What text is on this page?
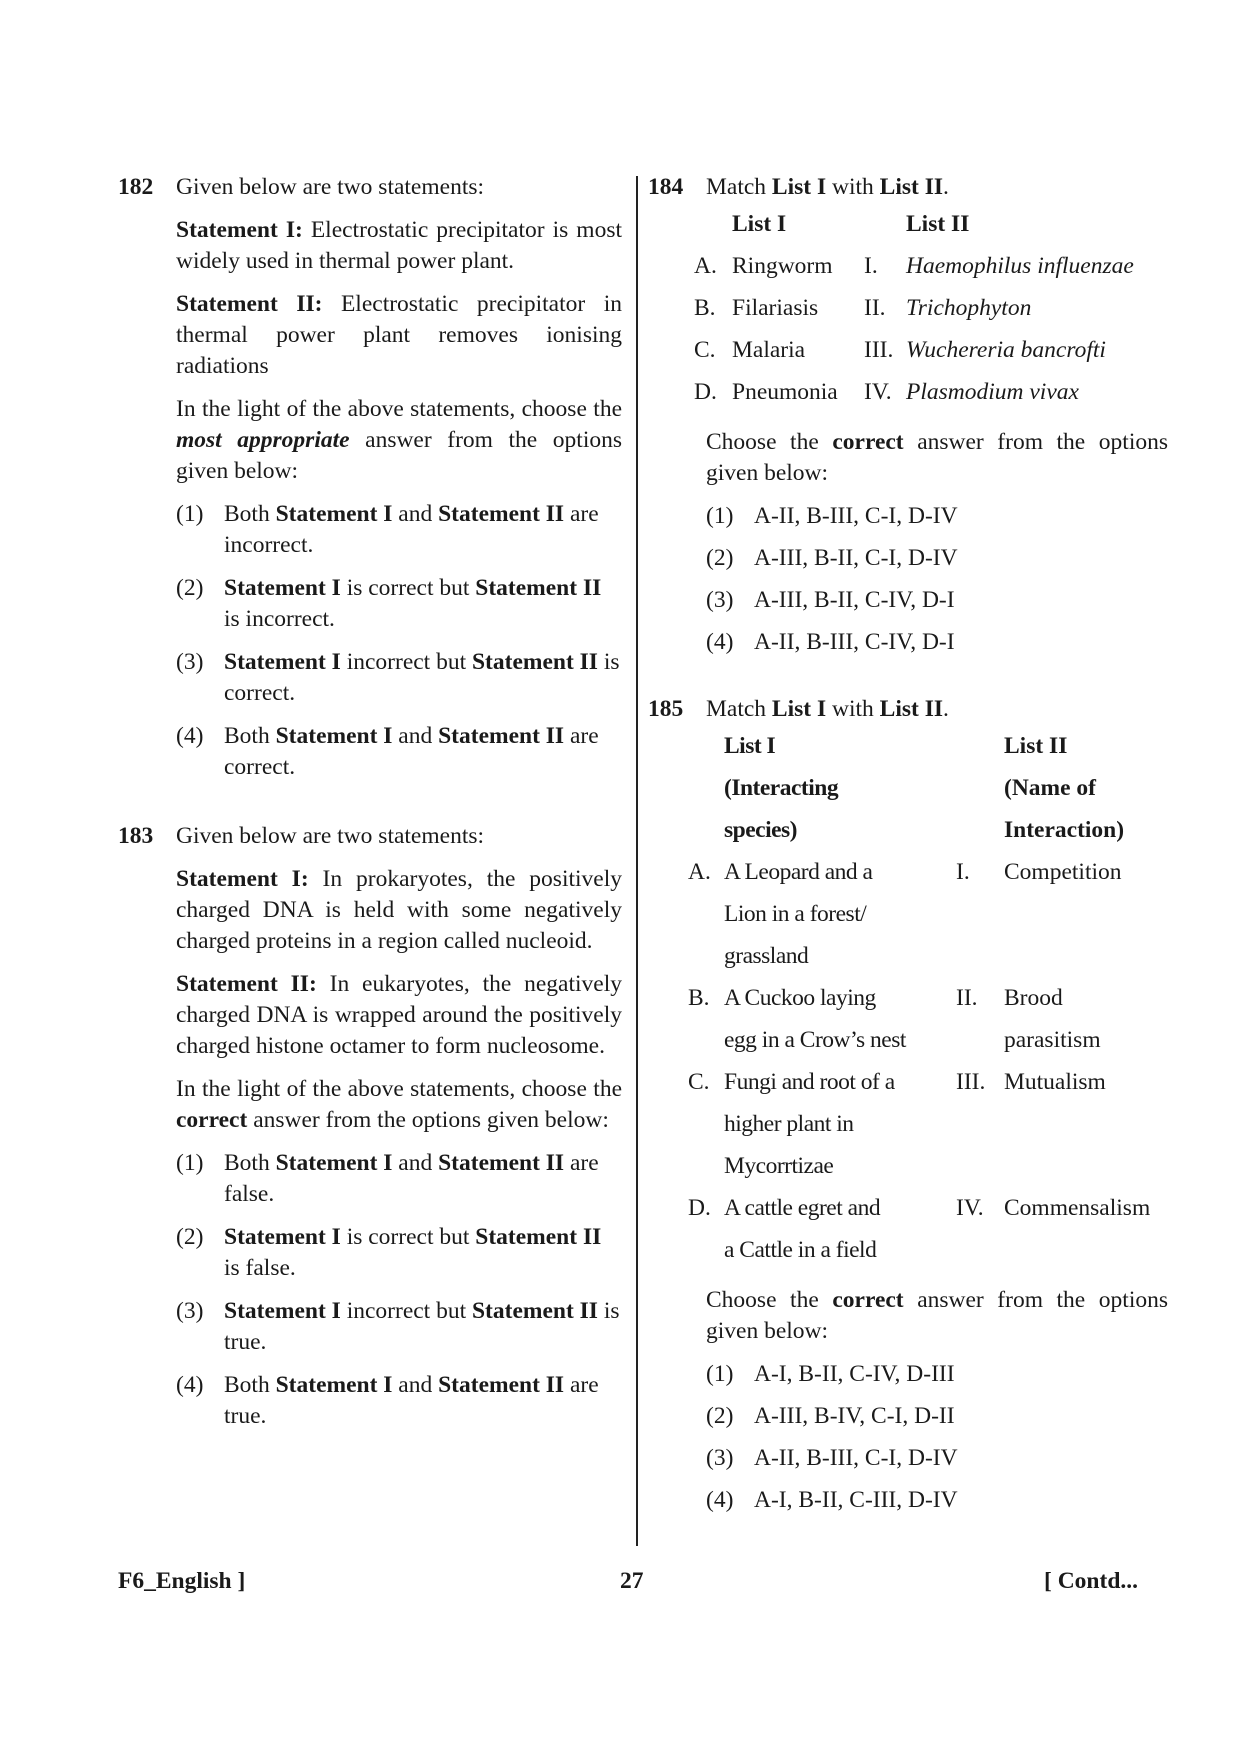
182 Given below are two statements:

Statement I: Electrostatic precipitator is most widely used in thermal power plant.

Statement II: Electrostatic precipitator in thermal power plant removes ionising radiations

In the light of the above statements, choose the most appropriate answer from the options given below:

(1) Both Statement I and Statement II are incorrect.
(2) Statement I is correct but Statement II is incorrect.
(3) Statement I incorrect but Statement II is correct.
(4) Both Statement I and Statement II are correct.
183 Given below are two statements:

Statement I: In prokaryotes, the positively charged DNA is held with some negatively charged proteins in a region called nucleoid.

Statement II: In eukaryotes, the negatively charged DNA is wrapped around the positively charged histone octamer to form nucleosome.

In the light of the above statements, choose the correct answer from the options given below:

(1) Both Statement I and Statement II are false.
(2) Statement I is correct but Statement II is false.
(3) Statement I incorrect but Statement II is true.
(4) Both Statement I and Statement II are true.
184 Match List I with List II.

	List I		List II
A.	Ringworm	I.	Haemophilus influenzae
B.	Filariasis	II.	Trichophyton
C.	Malaria	III.	Wuchereria bancrofti
D.	Pneumonia	IV.	Plasmodium vivax

Choose the correct answer from the options given below:

(1) A-II, B-III, C-I, D-IV
(2) A-III, B-II, C-I, D-IV
(3) A-III, B-II, C-IV, D-I
(4) A-II, B-III, C-IV, D-I
185 Match List I with List II.

	List I		List II
	(Interacting		(Name of
	species)		Interaction)
A.	A Leopard and a	I.	Competition
	Lion in a forest/		
	grassland		
B.	A Cuckoo laying	II.	Brood
	egg in a Crow’s nest		parasitism
C.	Fungi and root of a	III.	Mutualism
	higher plant in		
	Mycorrtizae		
D.	A cattle egret and	IV.	Commensalism
	a Cattle in a field		

Choose the correct answer from the options given below:

(1) A-I, B-II, C-IV, D-III
(2) A-III, B-IV, C-I, D-II
(3) A-II, B-III, C-I, D-IV
(4) A-I, B-II, C-III, D-IV
F6_English ]	27	[ Contd...
